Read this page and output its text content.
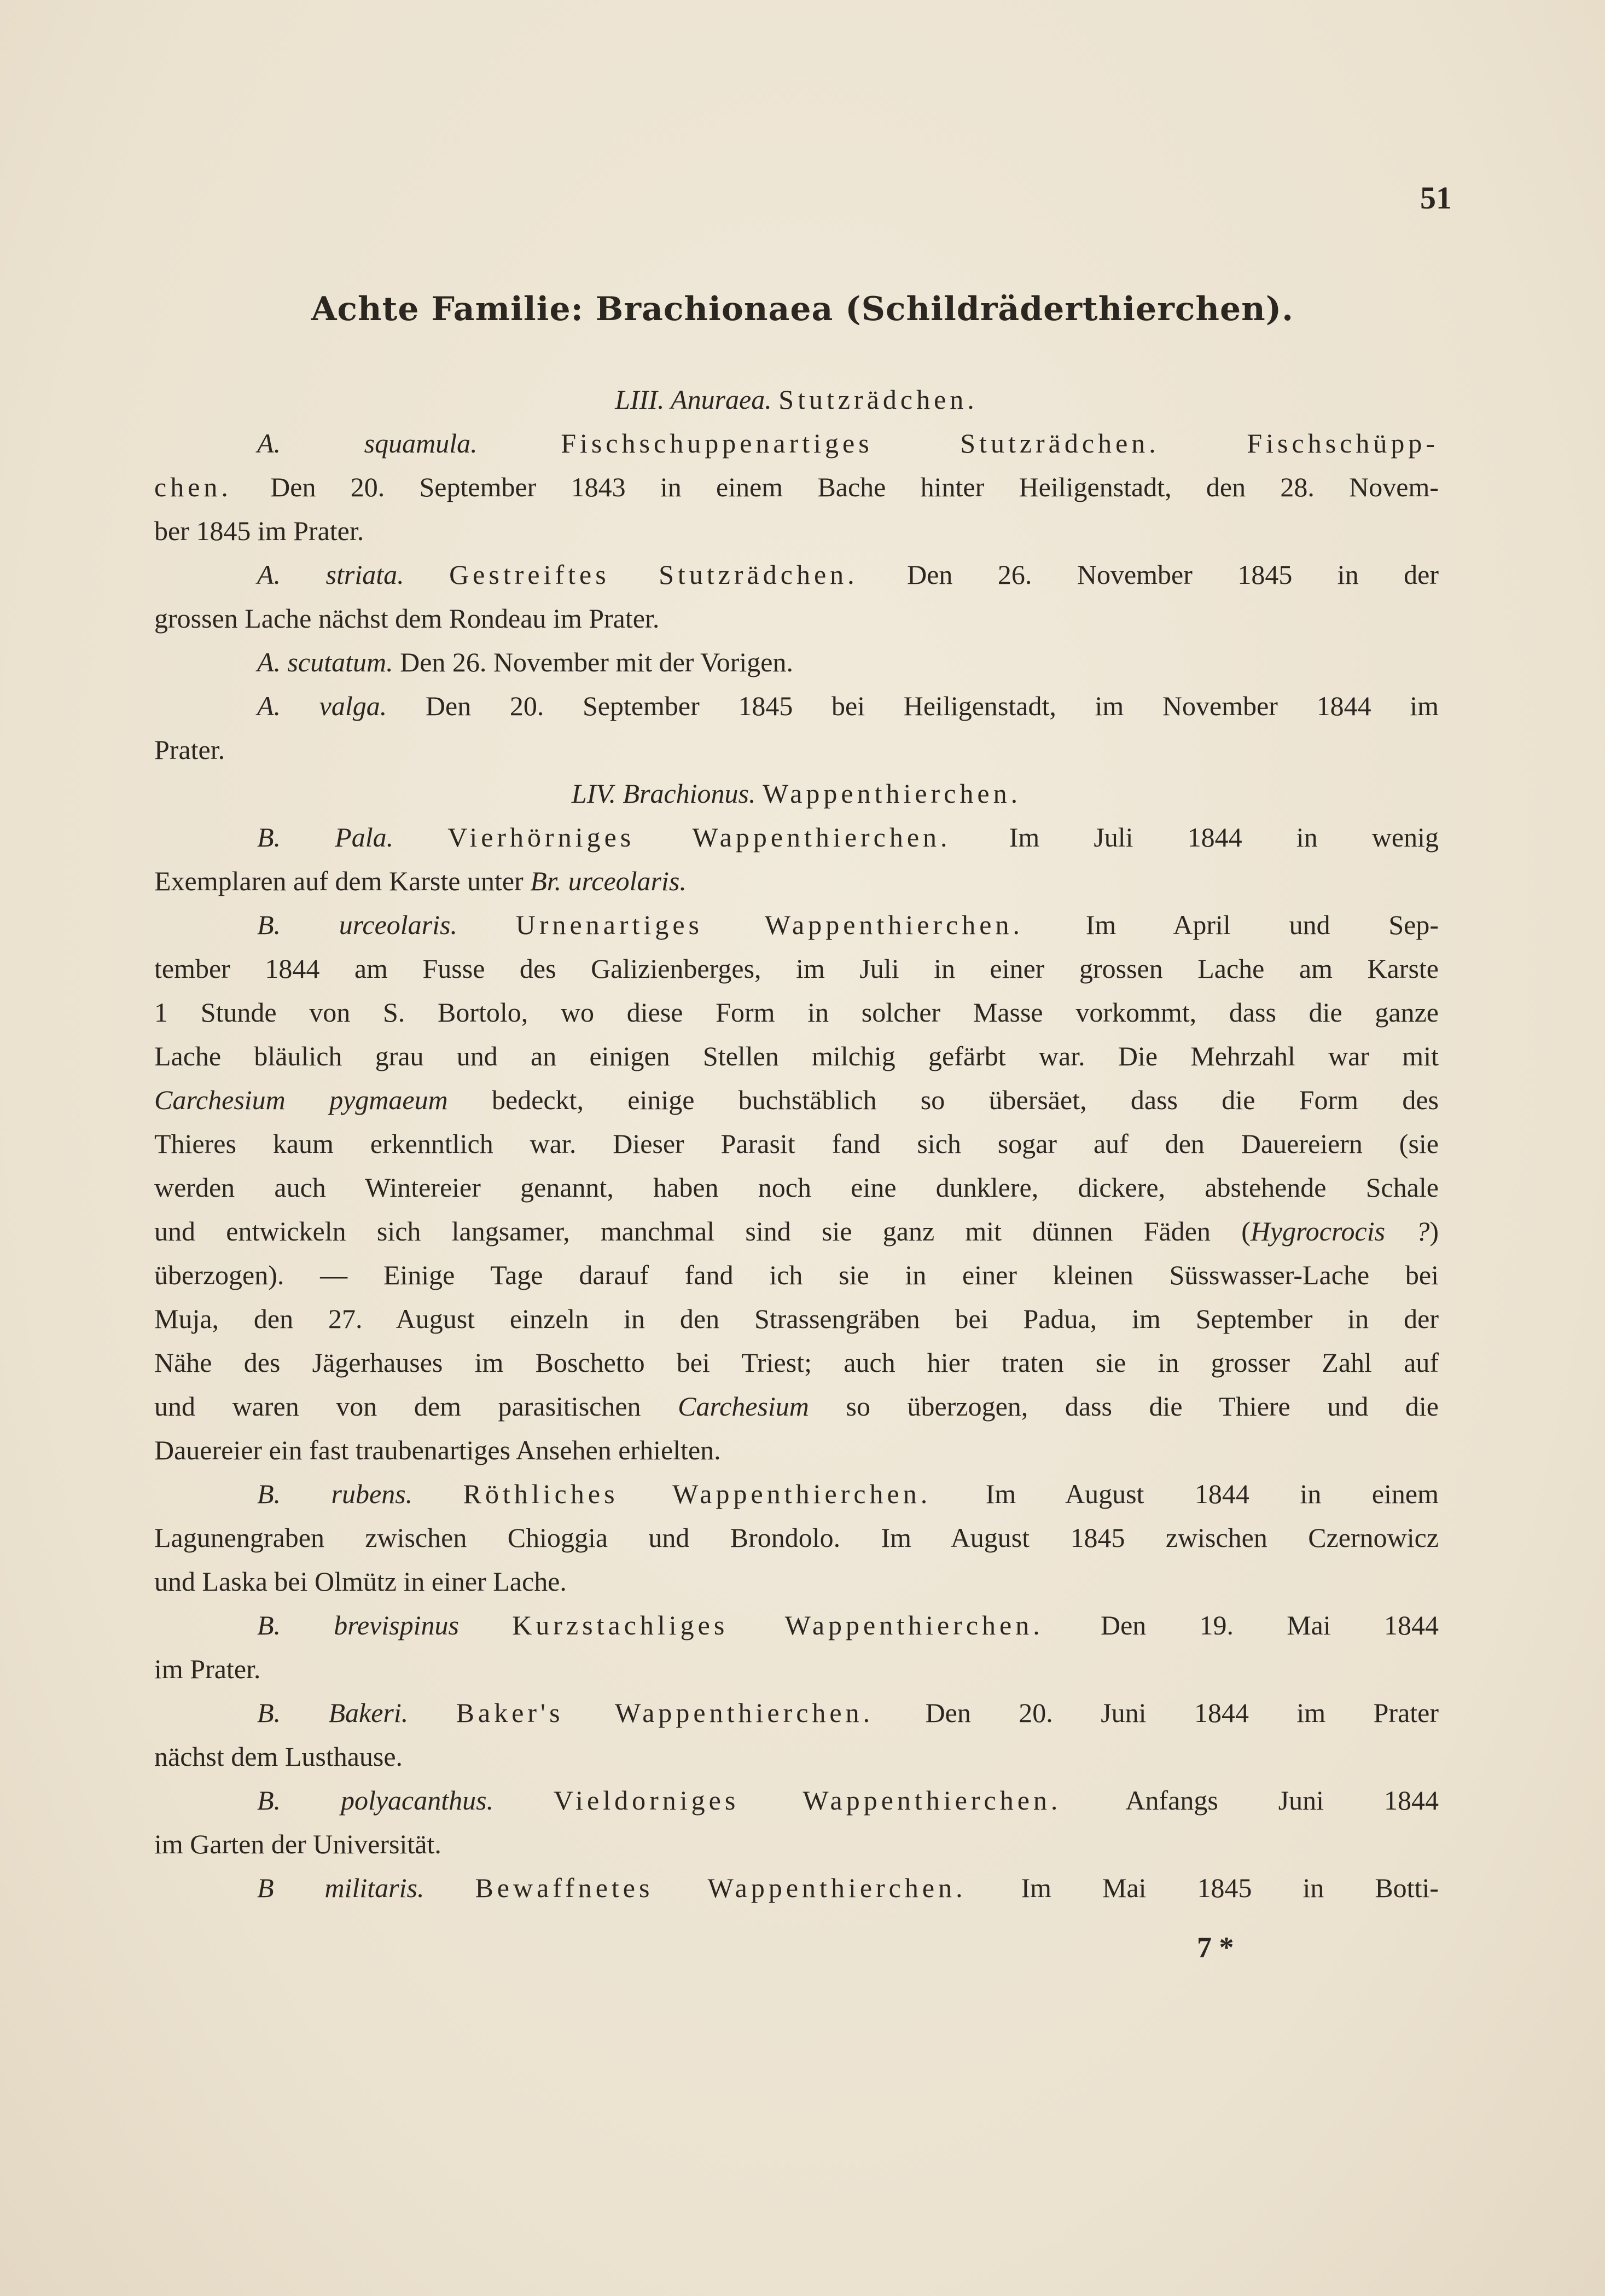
51
Achte Familie: Brachionaea (Schildräderthierchen).
LIII. Anuraea. Stutzrädchen.
A. squamula. Fischschuppenartiges Stutzrädchen. Fischschüpp-
chen. Den 20. September 1843 in einem Bache hinter Heiligenstadt, den 28. Novem-
ber 1845 im Prater.
A. striata. Gestreiftes Stutzrädchen. Den 26. November 1845 in der
grossen Lache nächst dem Rondeau im Prater.
A. scutatum. Den 26. November mit der Vorigen.
A. valga. Den 20. September 1845 bei Heiligenstadt, im November 1844 im
Prater.
LIV. Brachionus. Wappenthierchen.
B. Pala. Vierhörniges Wappenthierchen. Im Juli 1844 in wenig
Exemplaren auf dem Karste unter Br. urceolaris.
B. urceolaris. Urnenartiges Wappenthierchen. Im April und Sep-
tember 1844 am Fusse des Galizienberges, im Juli in einer grossen Lache am Karste
1 Stunde von S. Bortolo, wo diese Form in solcher Masse vorkommt, dass die ganze
Lache bläulich grau und an einigen Stellen milchig gefärbt war. Die Mehrzahl war mit
Carchesium pygmaeum bedeckt, einige buchstäblich so übersäet, dass die Form des
Thieres kaum erkenntlich war. Dieser Parasit fand sich sogar auf den Dauereiern (sie
werden auch Wintereier genannt, haben noch eine dunklere, dickere, abstehende Schale
und entwickeln sich langsamer, manchmal sind sie ganz mit dünnen Fäden (Hygrocrocis ?)
überzogen). — Einige Tage darauf fand ich sie in einer kleinen Süsswasser-Lache bei
Muja, den 27. August einzeln in den Strassengräben bei Padua, im September in der
Nähe des Jägerhauses im Boschetto bei Triest; auch hier traten sie in grosser Zahl auf
und waren von dem parasitischen Carchesium so überzogen, dass die Thiere und die
Dauereier ein fast traubenartiges Ansehen erhielten.
B. rubens. Röthliches Wappenthierchen. Im August 1844 in einem
Lagunengraben zwischen Chioggia und Brondolo. Im August 1845 zwischen Czernowicz
und Laska bei Olmütz in einer Lache.
B. brevispinus Kurzstachliges Wappenthierchen. Den 19. Mai 1844
im Prater.
B. Bakeri. Baker's Wappenthierchen. Den 20. Juni 1844 im Prater
nächst dem Lusthause.
B. polyacanthus. Vieldorniges Wappenthierchen. Anfangs Juni 1844
im Garten der Universität.
B militaris. Bewaffnetes Wappenthierchen. Im Mai 1845 in Botti-
7 *
